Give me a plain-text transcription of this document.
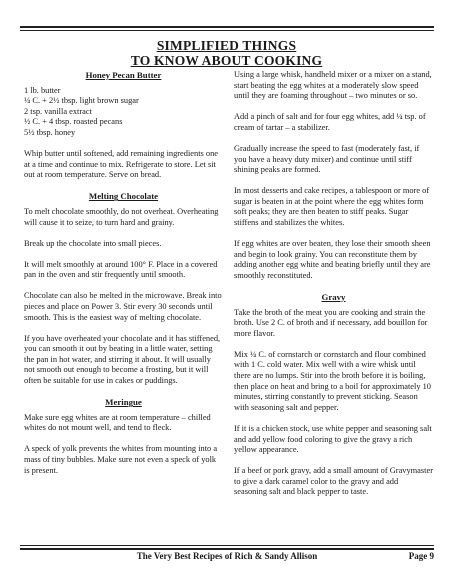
SIMPLIFIED THINGS
TO KNOW ABOUT COOKING
Honey Pecan Butter
1 lb. butter
¼ C. + 2½ tbsp. light brown sugar
2 tsp. vanilla extract
½ C. + 4 tbsp. roasted pecans
5½ tbsp. honey

Whip butter until softened, add remaining ingredients one at a time and continue to mix. Refrigerate to store. Let sit out at room temperature. Serve on bread.

Melting Chocolate

To melt chocolate smoothly, do not overheat. Overheating will cause it to seize, to turn hard and grainy.

Break up the chocolate into small pieces.

It will melt smoothly at around 100° F. Place in a covered pan in the oven and stir frequently until smooth.

Chocolate can also be melted in the microwave. Break into pieces and place on Power 3. Stir every 30 seconds until smooth. This is the easiest way of melting chocolate.

If you have overheated your chocolate and it has stiffened, you can smooth it out by beating in a little water, setting the pan in hot water, and stirring it about. It will usually not smooth out enough to become a frosting, but it will often be suitable for use in cakes or puddings.

Meringue

Make sure egg whites are at room temperature – chilled whites do not mount well, and tend to fleck.

A speck of yolk prevents the whites from mounting into a mass of tiny bubbles. Make sure not even a speck of yolk is present.

Using a large whisk, handheld mixer or a mixer on a stand, start beating the egg whites at a moderately slow speed until they are foaming throughout – two minutes or so.

Add a pinch of salt and for four egg whites, add ¼ tsp. of cream of tartar – a stabilizer.

Gradually increase the speed to fast (moderately fast, if you have a heavy duty mixer) and continue until stiff shining peaks are formed.

In most desserts and cake recipes, a tablespoon or more of sugar is beaten in at the point where the egg whites form soft peaks; they are then beaten to stiff peaks. Sugar stiffens and stabilizes the whites.

If egg whites are over beaten, they lose their smooth sheen and begin to look grainy. You can reconstitute them by adding another egg white and beating briefly until they are smoothly reconstituted.

Gravy

Take the broth of the meat you are cooking and strain the broth. Use 2 C. of broth and if necessary, add bouillon for more flavor.

Mix ¼ C. of cornstarch or cornstarch and flour combined with 1 C. cold water. Mix well with a wire whisk until there are no lumps. Stir into the broth before it is boiling, then place on heat and bring to a boil for approximately 10 minutes, stirring constantly to prevent sticking. Season with seasoning salt and pepper.

If it is a chicken stock, use white pepper and seasoning salt and add yellow food coloring to give the gravy a rich yellow appearance.

If a beef or pork gravy, add a small amount of Gravymaster to give a dark caramel color to the gravy and add seasoning salt and black pepper to taste.

The Very Best Recipes of Rich & Sandy Allison	Page 9
